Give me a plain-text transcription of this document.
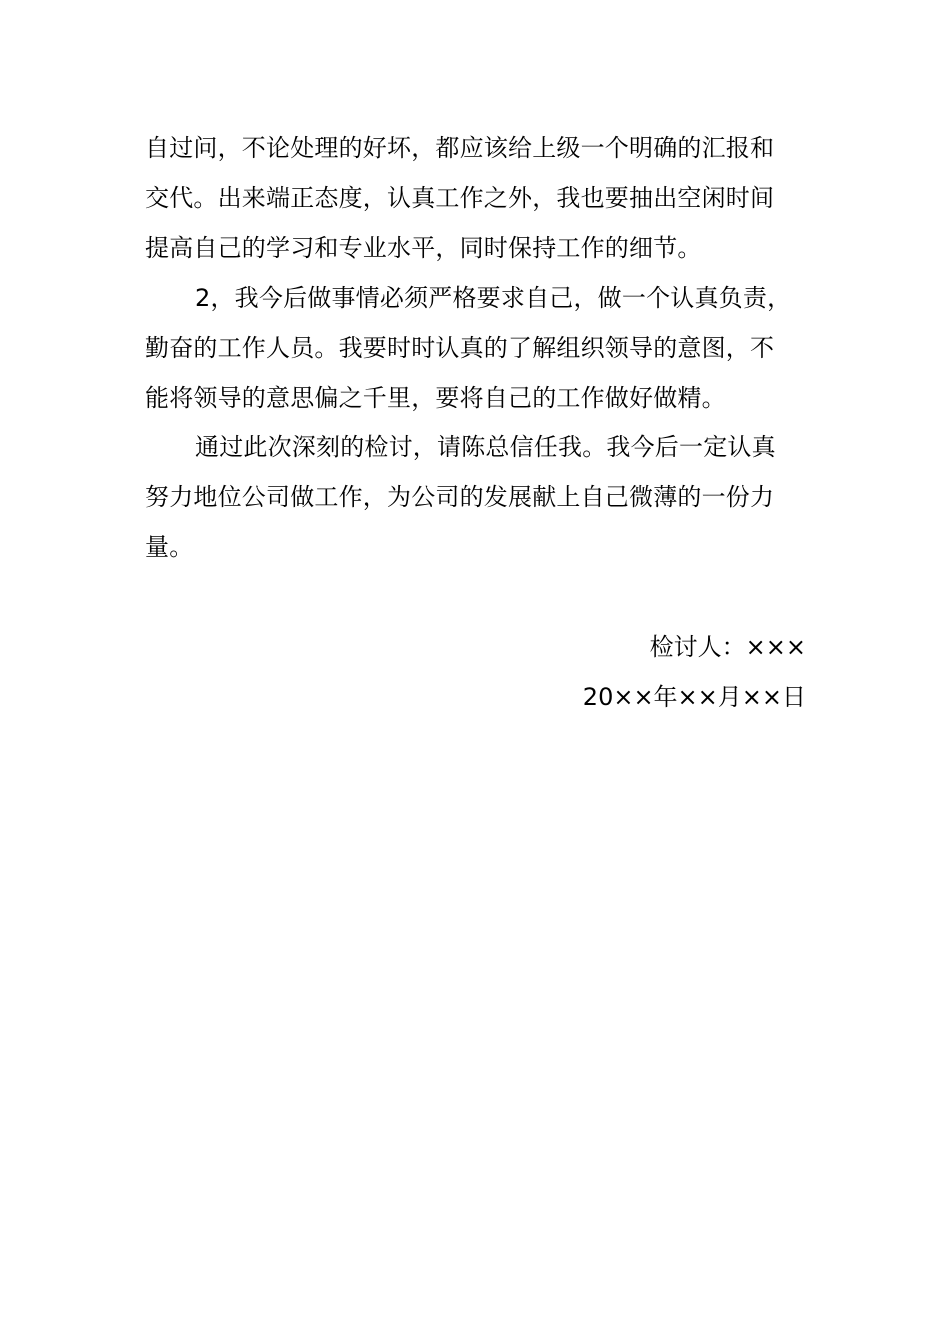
自过问，不论处理的好坏，都应该给上级一个明确的汇报和
交代。出来端正态度，认真工作之外，我也要抽出空闲时间
提高自己的学习和专业水平，同时保持工作的细节。
2，我今后做事情必须严格要求自己，做一个认真负责，
勤奋的工作人员。我要时时认真的了解组织领导的意图，不
能将领导的意思偏之千里，要将自己的工作做好做精。
通过此次深刻的检讨，请陈总信任我。我今后一定认真
努力地位公司做工作，为公司的发展献上自己微薄的一份力
量。
检讨人：×××
20××年××月××日
